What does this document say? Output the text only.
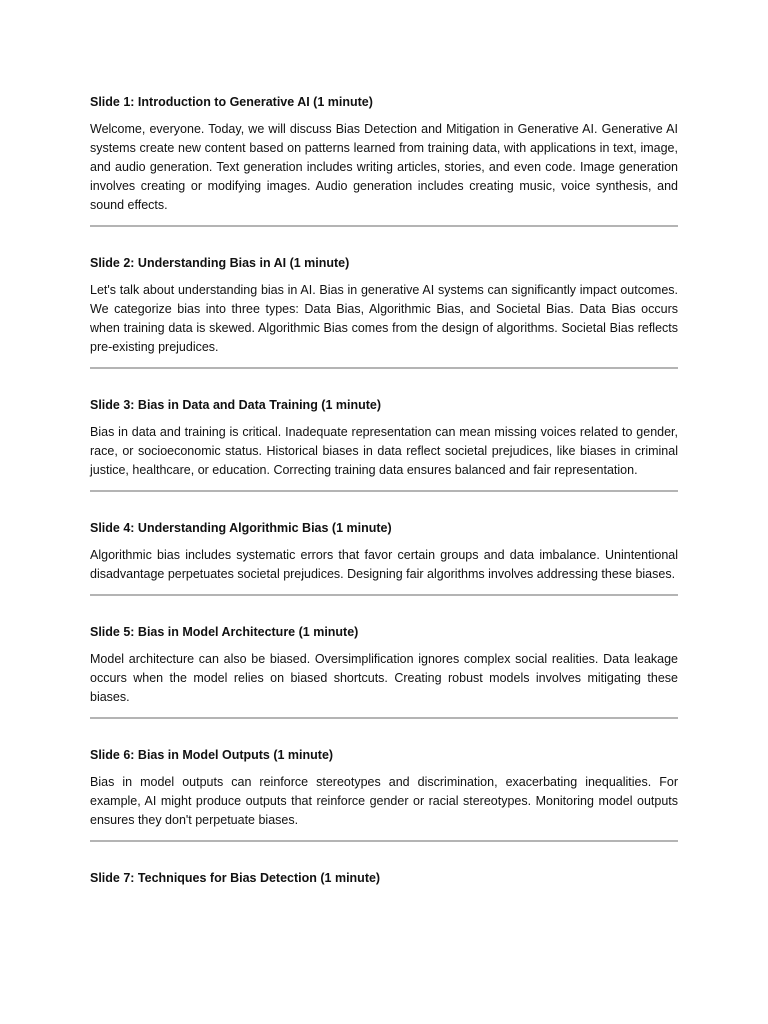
Slide 1: Introduction to Generative AI (1 minute)

Welcome, everyone. Today, we will discuss Bias Detection and Mitigation in Generative AI. Generative AI systems create new content based on patterns learned from training data, with applications in text, image, and audio generation. Text generation includes writing articles, stories, and even code. Image generation involves creating or modifying images. Audio generation includes creating music, voice synthesis, and sound effects.

Slide 2: Understanding Bias in AI (1 minute)

Let's talk about understanding bias in AI. Bias in generative AI systems can significantly impact outcomes. We categorize bias into three types: Data Bias, Algorithmic Bias, and Societal Bias. Data Bias occurs when training data is skewed. Algorithmic Bias comes from the design of algorithms. Societal Bias reflects pre-existing prejudices.

Slide 3: Bias in Data and Data Training (1 minute)

Bias in data and training is critical. Inadequate representation can mean missing voices related to gender, race, or socioeconomic status. Historical biases in data reflect societal prejudices, like biases in criminal justice, healthcare, or education. Correcting training data ensures balanced and fair representation.

Slide 4: Understanding Algorithmic Bias (1 minute)

Algorithmic bias includes systematic errors that favor certain groups and data imbalance. Unintentional disadvantage perpetuates societal prejudices. Designing fair algorithms involves addressing these biases.

Slide 5: Bias in Model Architecture (1 minute)

Model architecture can also be biased. Oversimplification ignores complex social realities. Data leakage occurs when the model relies on biased shortcuts. Creating robust models involves mitigating these biases.

Slide 6: Bias in Model Outputs (1 minute)

Bias in model outputs can reinforce stereotypes and discrimination, exacerbating inequalities. For example, AI might produce outputs that reinforce gender or racial stereotypes. Monitoring model outputs ensures they don't perpetuate biases.

Slide 7: Techniques for Bias Detection (1 minute)
